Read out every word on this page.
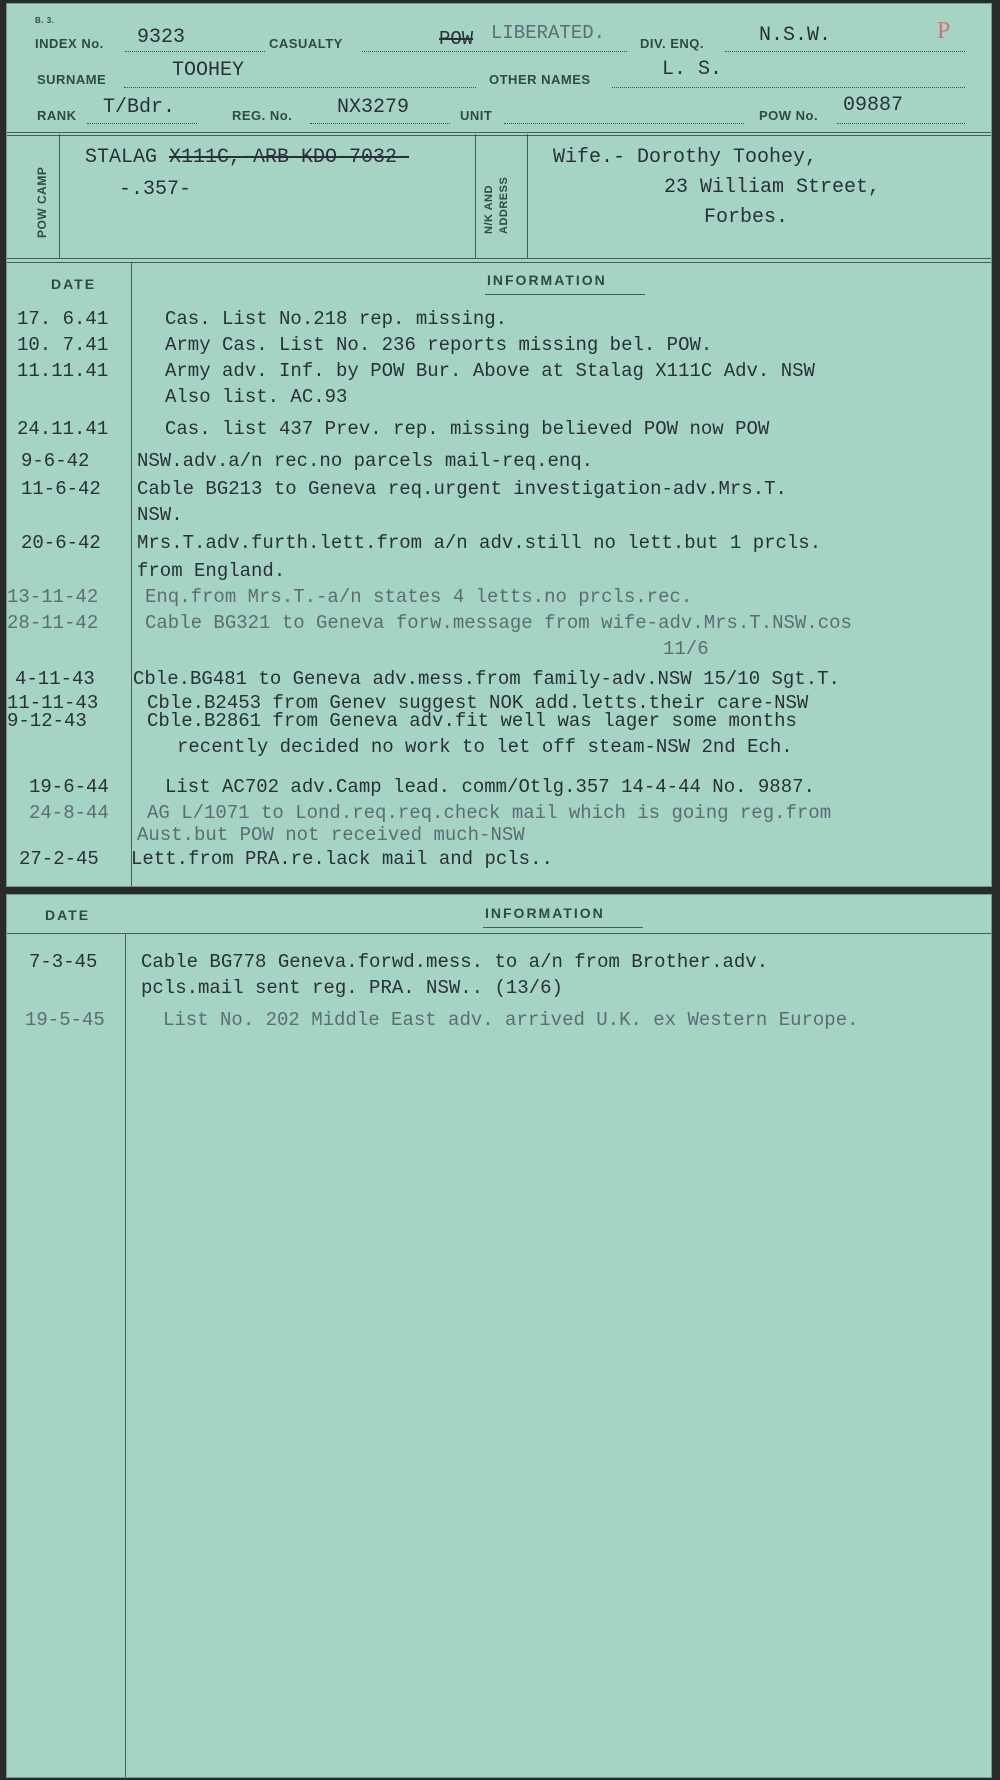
B. 3.
INDEX No. 9323	CASUALTY	POW LIBERATED.	DIV. ENQ.	N.S.W.	P
SURNAME	TOOHEY	OTHER NAMES	L. S.
RANK T/Bdr.	REG. No. NX3279	UNIT	POW No. 09887
POW CAMP
STALAG X111C,-ARB-KDO-7032-
-.357-	N/K AND ADDRESS
Wife.- Dorothy Toohey,
23 William Street,
Forbes.
DATE	INFORMATION
17. 6.41	Cas. List No.218 rep. missing.
10. 7.41	Army Cas. List No. 236 reports missing bel. POW.
11.11.41	Army adv. Inf. by POW Bur. Above at Stalag X111C Adv. NSW
Also list. AC.93
24.11.41	Cas. list 437 Prev. rep. missing believed POW now POW
9-6-42	NSW.adv.a/n rec.no parcels mail-req.enq.
11-6-42 Cable BG213 to Geneva req.urgent investigation-adv.Mrs.T.
NSW.
20-6-42 Mrs.T.adv.furth.lett.from a/n adv.still no lett.but 1 prcls.
from England.
13-11-42 Enq.from Mrs.T.-a/n states 4 letts.no prcls.rec.
28-11-42 Cable BG321 to Geneva forw.message from wife-adv.Mrs.T.NSW.cos
11/6
4-11-43 Cble.BG481 to Geneva adv.mess.from family-adv.NSW 15/10 Sgt.T.
11-11-43	Cble.B2453 from Genev suggest NOK add.letts.their care-NSW
9-12-43	Cble.B2861 from Geneva adv.fit well was lager some months
recently decided no work to let off steam-NSW 2nd Ech.
19-6-44	List AC702 adv.Camp lead. comm/Otlg.357 14-4-44 No. 9887.
24-8-44 AG L/1071 to Lond.req.req.check mail which is going reg.from
Aust.but POW not received much-NSW
27-2-45 Lett.from PRA.re.lack mail and pcls..
DATE	INFORMATION
7-3-45 Cable BG778 Geneva.forwd.mess. to a/n from Brother.adv.
pcls.mail sent reg. PRA. NSW.. (13/6)
19-5-45	List No. 202 Middle East adv. arrived U.K. ex Western Europe.
